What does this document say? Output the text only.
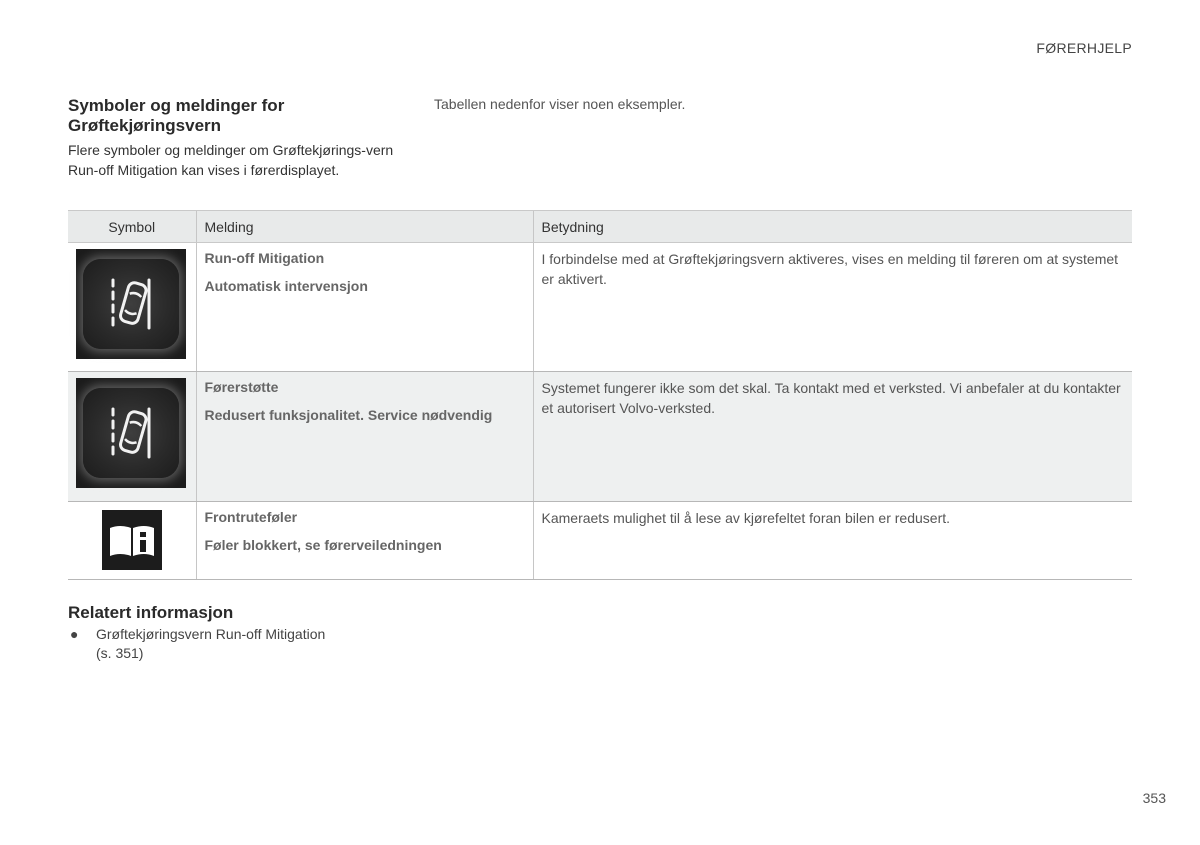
FØRERHJELP
Symboler og meldinger for Grøftekjøringsvern

Flere symboler og meldinger om Grøftekjørings-vern Run-off Mitigation kan vises i førerdisplayet.

Tabellen nedenfor viser noen eksempler.

Symbol	Melding	Betydning

Run-off Mitigation
Automatisk intervensjon	I forbindelse med at Grøftekjøringsvern aktiveres, vises en melding til føreren om at systemet er aktivert.

Førerstøtte
Redusert funksjonalitet. Service nødvendig	Systemet fungerer ikke som det skal. Ta kontakt med et verksted. Vi anbefaler at du kontakter et autorisert Volvo-verksted.

Frontruteføler
Føler blokkert, se førerveiledningen	Kameraets mulighet til å lese av kjørefeltet foran bilen er redusert.
Relatert informasjon
● Grøftekjøringsvern Run-off Mitigation
(s. 351)
353
